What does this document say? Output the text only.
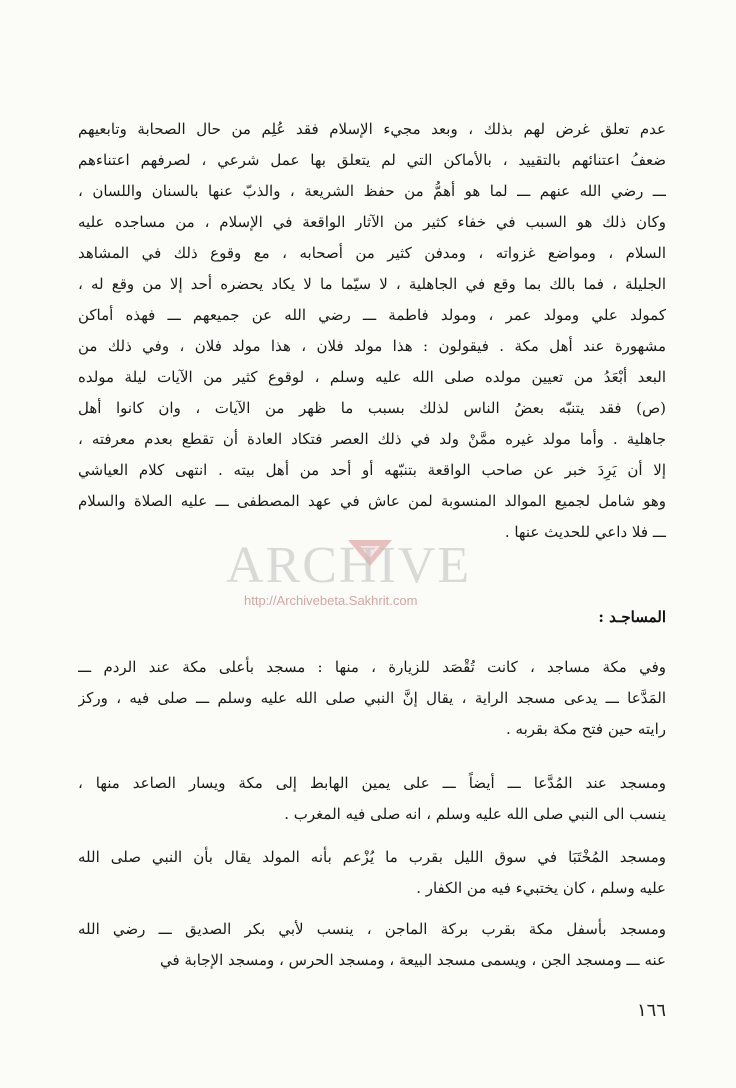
عدم تعلق غرض لهم بذلك ، وبعد مجيء الإسلام فقد عُلِم من حال الصحابة وتابعيهم
ضعفُ اعتنائهم بالتقييد ، بالأماكن التي لم يتعلق بها عمل شرعي ، لصرفهم اعتناءهم
ـــ رضي الله عنهم ـــ لما هو أهمُّ من حفظ الشريعة ، والذبّ عنها بالسنان واللسان ،
وكان ذلك هو السبب في خفاء كثير من الآثار الواقعة في الإسلام ، من مساجده عليه
السلام ، ومواضع غزواته ، ومدفن كثير من أصحابه ، مع وقوع ذلك في المشاهد
الجليلة ، فما بالك بما وقع في الجاهلية ، لا سيّما ما لا يكاد يحضره أحد إلا من وقع له ،
كمولد علي ومولد عمر ، ومولد فاطمة ـــ رضي الله عن جميعهم ـــ فهذه أماكن
مشهورة عند أهل مكة . فيقولون : هذا مولد فلان ، هذا مولد فلان ، وفي ذلك من
البعد أبْعَدُ من تعيين مولده صلى الله عليه وسلم ، لوقوع كثير من الآيات ليلة مولده
(ص) فقد يتنبّه بعضُ الناس لذلك بسبب ما ظهر من الآيات ، وان كانوا أهل
جاهلية . وأما مولد غيره ممَّنْ ولد في ذلك العصر فتكاد العادة أن تقطع بعدم معرفته ،
إلا أن يَرِدَ خبر عن صاحب الواقعة بتنبّهه أو أحد من أهل بيته . انتهى كلام العياشي
وهو شامل لجميع الموالد المنسوبة لمن عاش في عهد المصطفى ـــ عليه الصلاة والسلام
ـــ فلا داعي للحديث عنها .
المساجـد :
وفي مكة مساجد ، كانت تُقْصَد للزيارة ، منها : مسجد بأعلى مكة عند الردم ـــ
المَدَّعا ـــ يدعى مسجد الراية ، يقال إنَّ النبي صلى الله عليه وسلم ـــ صلى فيه ، وركز
رايته حين فتح مكة بقربه .
ومسجد عند المُدَّعا ـــ أيضاً ـــ على يمين الهابط إلى مكة ويسار الصاعد منها ،
ينسب الى النبي صلى الله عليه وسلم ، انه صلى فيه المغرب .
ومسجد المُخْتَبَا في سوق الليل بقرب ما يُزْعم بأنه المولد يقال بأن النبي صلى الله
عليه وسلم ، كان يختبيء فيه من الكفار .
ومسجد بأسفل مكة بقرب بركة الماجن ، ينسب لأبي بكر الصديق ـــ رضي الله
عنه ـــ ومسجد الجن ، ويسمى مسجد البيعة ، ومسجد الحرس ، ومسجد الإجابة في
١٦٦
ARCHIVE
http://Archivebeta.Sakhrit.com
